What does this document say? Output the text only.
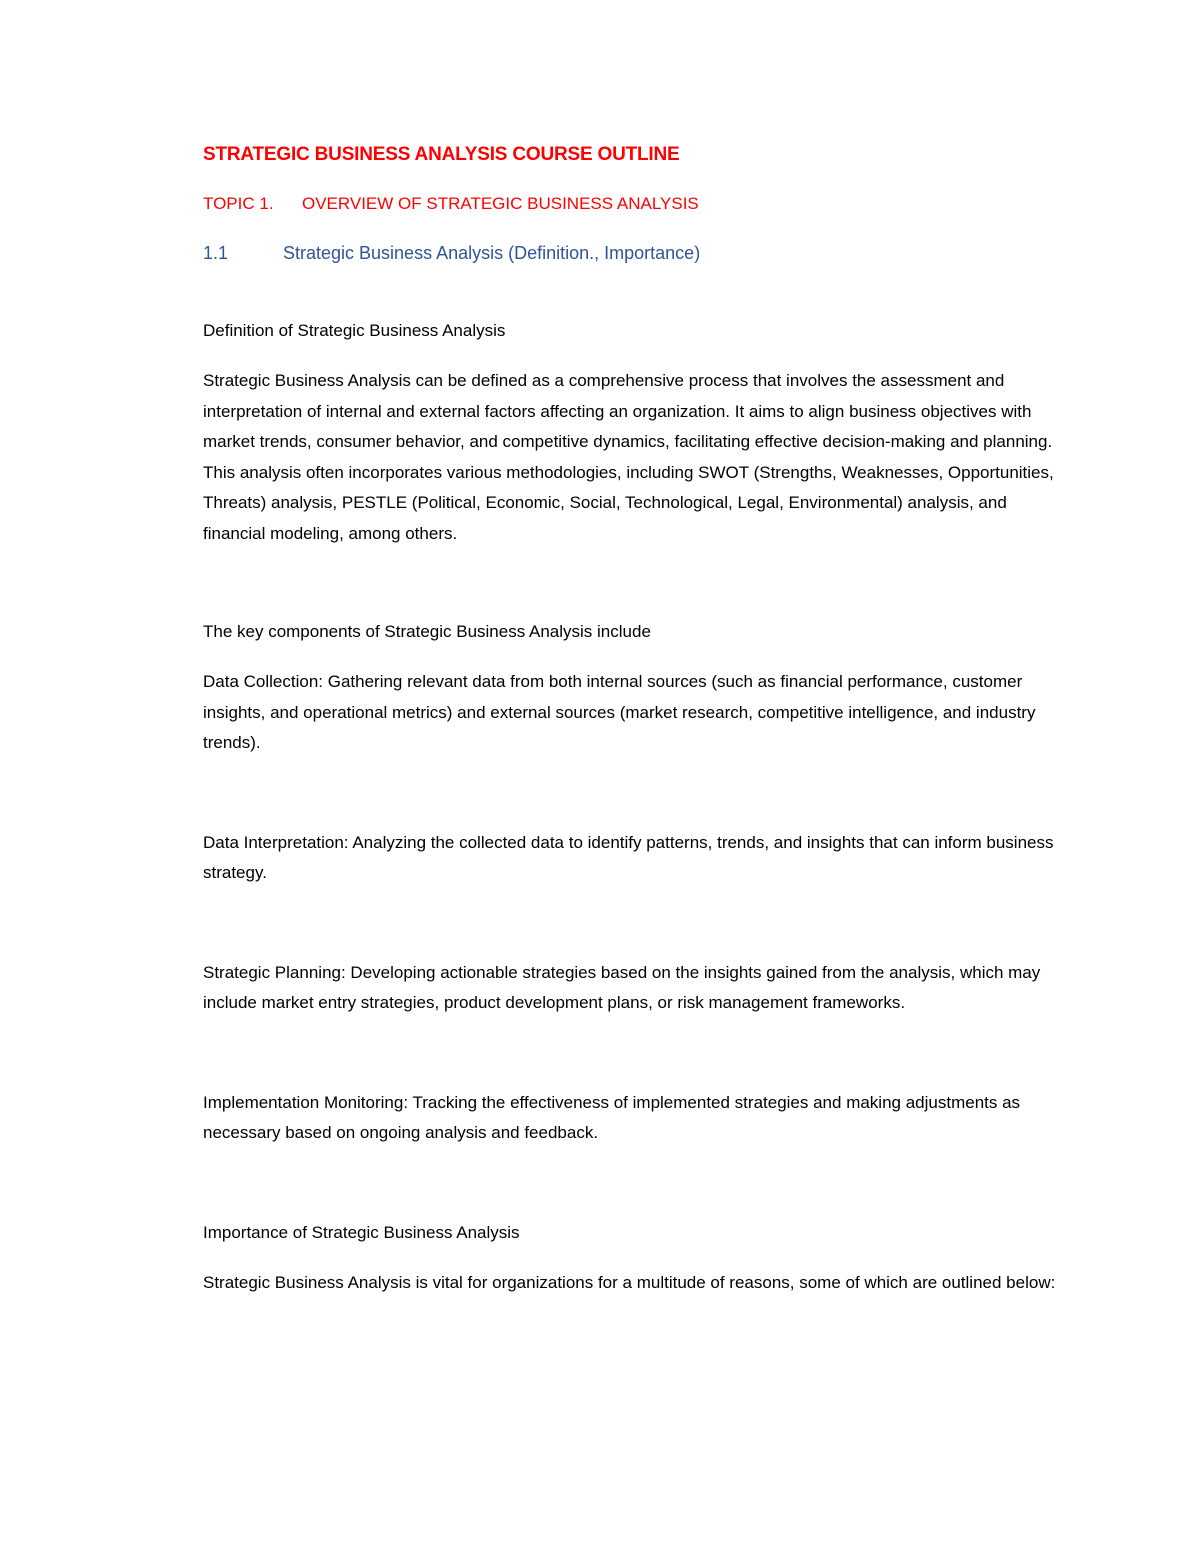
STRATEGIC BUSINESS ANALYSIS COURSE OUTLINE

TOPIC 1. OVERVIEW OF STRATEGIC BUSINESS ANALYSIS

1.1	Strategic Business Analysis (Definition., Importance)

Definition of Strategic Business Analysis

Strategic Business Analysis can be defined as a comprehensive process that involves the assessment and interpretation of internal and external factors affecting an organization. It aims to align business objectives with market trends, consumer behavior, and competitive dynamics, facilitating effective decision-making and planning. This analysis often incorporates various methodologies, including SWOT (Strengths, Weaknesses, Opportunities, Threats) analysis, PESTLE (Political, Economic, Social, Technological, Legal, Environmental) analysis, and financial modeling, among others.

The key components of Strategic Business Analysis include

Data Collection: Gathering relevant data from both internal sources (such as financial performance, customer insights, and operational metrics) and external sources (market research, competitive intelligence, and industry trends).

Data Interpretation: Analyzing the collected data to identify patterns, trends, and insights that can inform business strategy.

Strategic Planning: Developing actionable strategies based on the insights gained from the analysis, which may include market entry strategies, product development plans, or risk management frameworks.

Implementation Monitoring: Tracking the effectiveness of implemented strategies and making adjustments as necessary based on ongoing analysis and feedback.

Importance of Strategic Business Analysis

Strategic Business Analysis is vital for organizations for a multitude of reasons, some of which are outlined below:
